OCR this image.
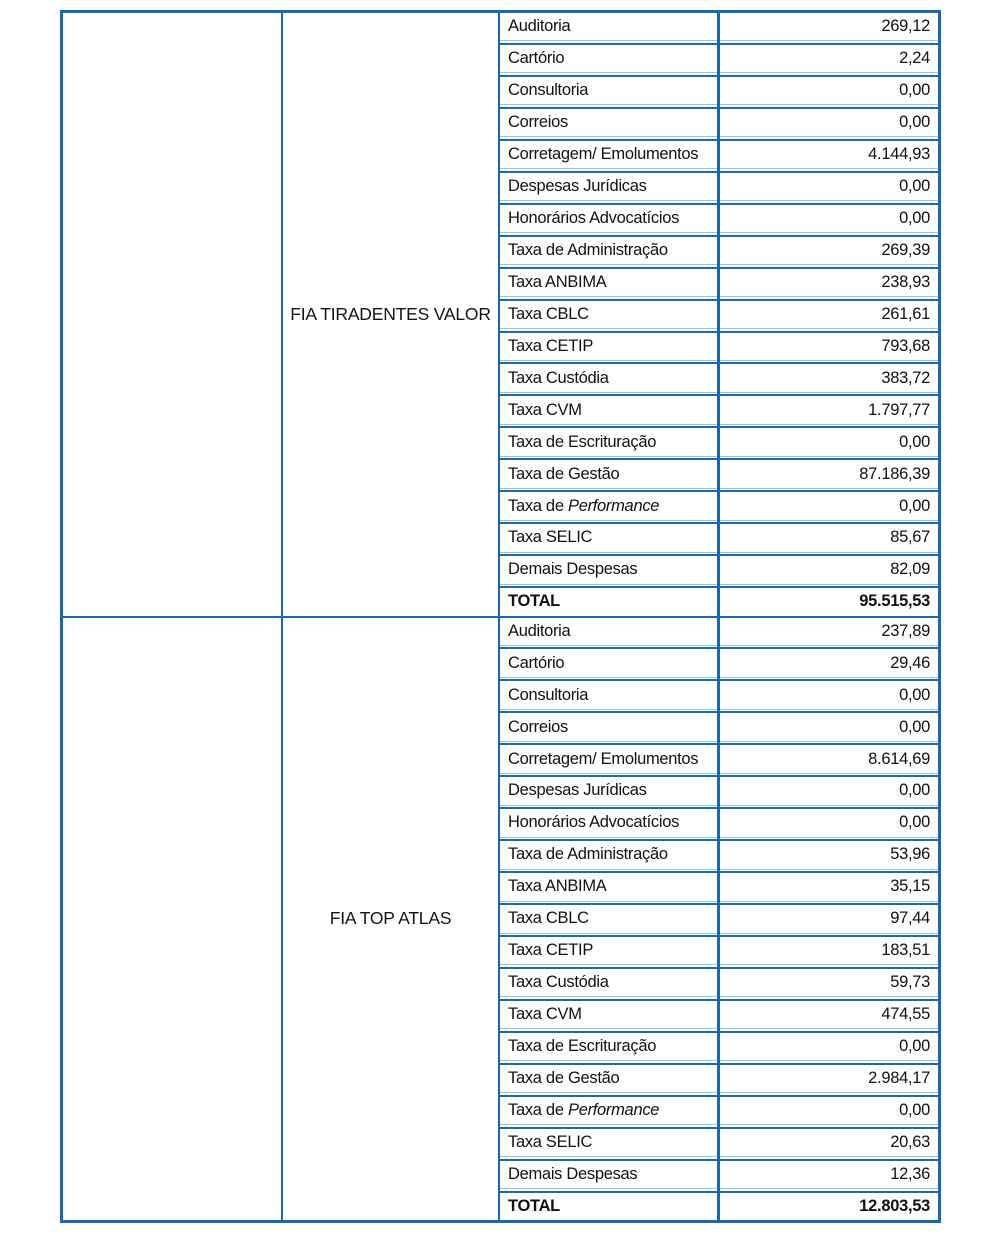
FIA TIRADENTES VALOR
Auditoria	269,12
Cartório	2,24
Consultoria	0,00
Correios	0,00
Corretagem/ Emolumentos	4.144,93
Despesas Jurídicas	0,00
Honorários Advocatícios	0,00
Taxa de Administração	269,39
Taxa ANBIMA	238,93
Taxa CBLC	261,61
Taxa CETIP	793,68
Taxa Custódia	383,72
Taxa CVM	1.797,77
Taxa de Escrituração	0,00
Taxa de Gestão	87.186,39
Taxa de Performance	0,00
Taxa SELIC	85,67
Demais Despesas	82,09
TOTAL	95.515,53
FIA TOP ATLAS
Auditoria	237,89
Cartório	29,46
Consultoria	0,00
Correios	0,00
Corretagem/ Emolumentos	8.614,69
Despesas Jurídicas	0,00
Honorários Advocatícios	0,00
Taxa de Administração	53,96
Taxa ANBIMA	35,15
Taxa CBLC	97,44
Taxa CETIP	183,51
Taxa Custódia	59,73
Taxa CVM	474,55
Taxa de Escrituração	0,00
Taxa de Gestão	2.984,17
Taxa de Performance	0,00
Taxa SELIC	20,63
Demais Despesas	12,36
TOTAL	12.803,53
